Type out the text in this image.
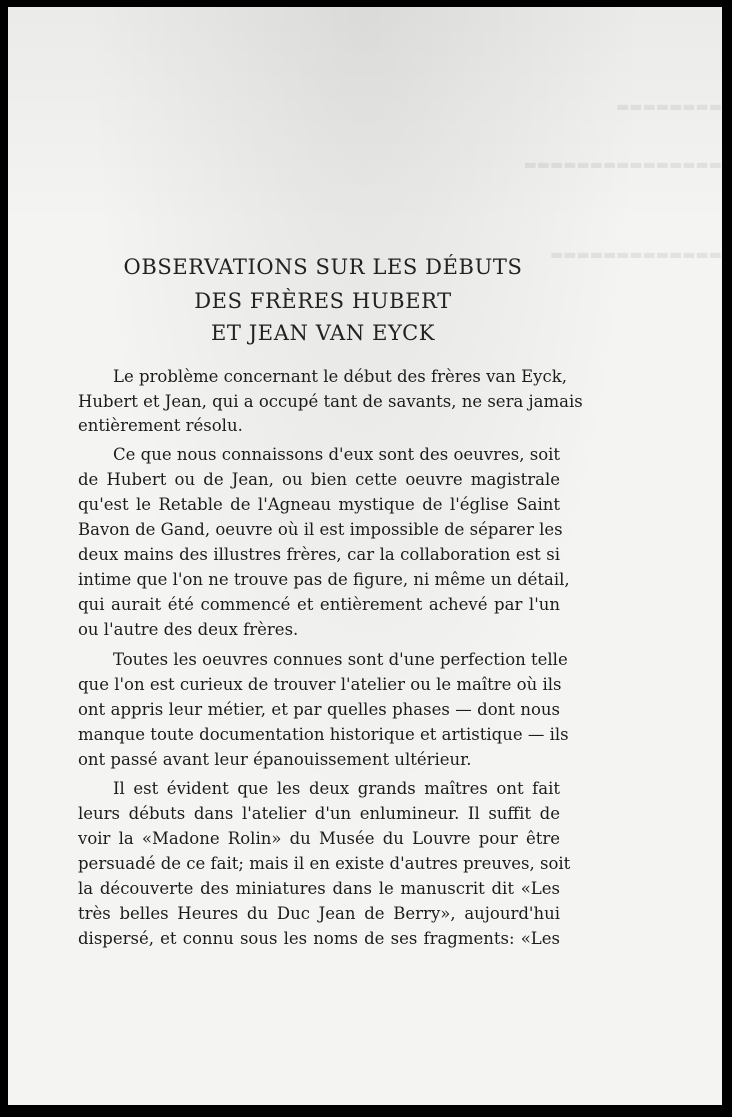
▬▬▬▬▬▬▬▬
▬▬▬▬▬▬▬▬▬▬▬▬▬▬▬
▬▬▬▬▬▬▬▬▬▬▬▬▬
OBSERVATIONS SUR LES DÉBUTS
DES FRÈRES HUBERT
ET JEAN VAN EYCK
Le problème concernant le début des frères van Eyck,
Hubert et Jean, qui a occupé tant de savants, ne sera jamais
entièrement résolu.
Ce que nous connaissons d'eux sont des oeuvres, soit
de Hubert ou de Jean, ou bien cette oeuvre magistrale
qu'est le Retable de l'Agneau mystique de l'église Saint
Bavon de Gand, oeuvre où il est impossible de séparer les
deux mains des illustres frères, car la collaboration est si
intime que l'on ne trouve pas de figure, ni même un détail,
qui aurait été commencé et entièrement achevé par l'un
ou l'autre des deux frères.
Toutes les oeuvres connues sont d'une perfection telle
que l'on est curieux de trouver l'atelier ou le maître où ils
ont appris leur métier, et par quelles phases — dont nous
manque toute documentation historique et artistique — ils
ont passé avant leur épanouissement ultérieur.
Il est évident que les deux grands maîtres ont fait
leurs débuts dans l'atelier d'un enlumineur. Il suffit de
voir la «Madone Rolin» du Musée du Louvre pour être
persuadé de ce fait; mais il en existe d'autres preuves, soit
la découverte des miniatures dans le manuscrit dit «Les
très belles Heures du Duc Jean de Berry», aujourd'hui
dispersé, et connu sous les noms de ses fragments: «Les
